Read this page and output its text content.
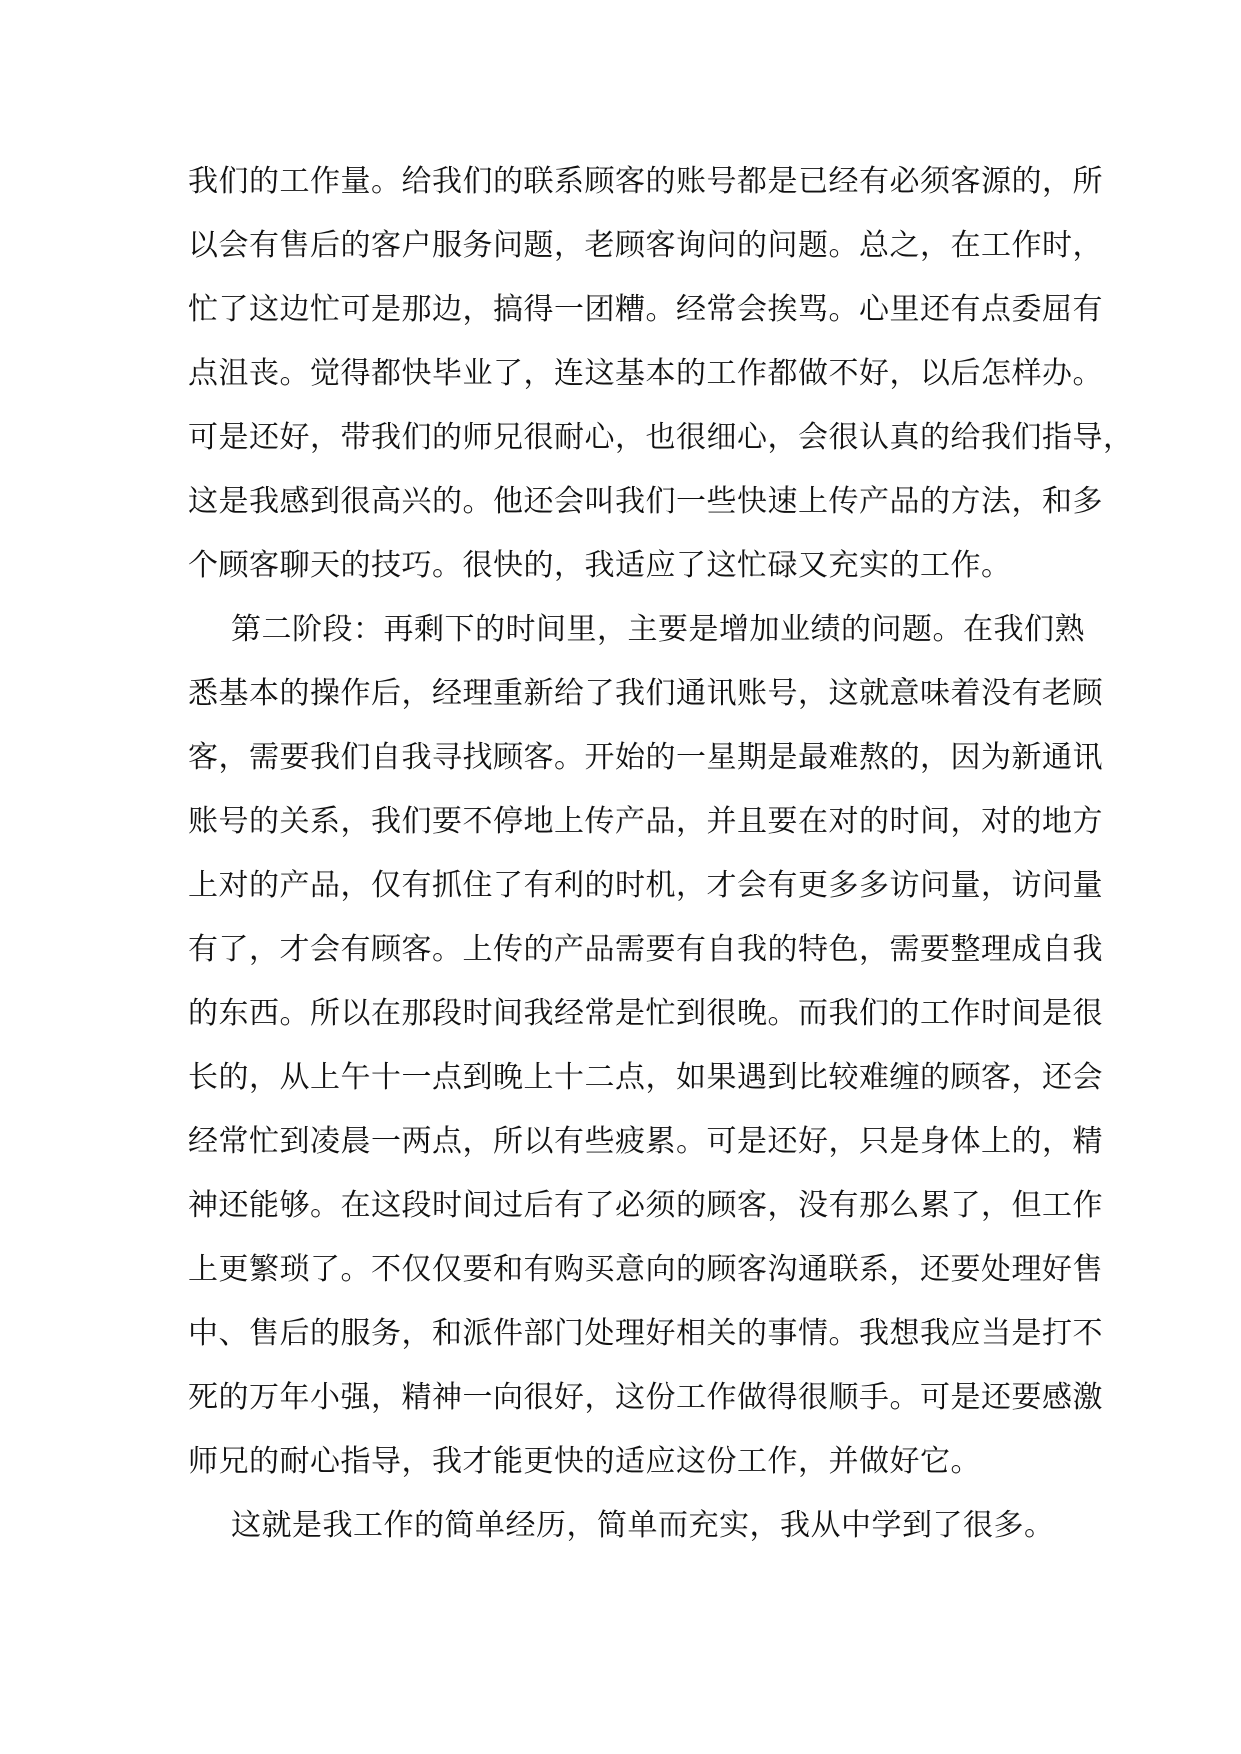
我们的工作量。给我们的联系顾客的账号都是已经有必须客源的，所
以会有售后的客户服务问题，老顾客询问的问题。总之，在工作时，
忙了这边忙可是那边，搞得一团糟。经常会挨骂。心里还有点委屈有
点沮丧。觉得都快毕业了，连这基本的工作都做不好，以后怎样办。
可是还好，带我们的师兄很耐心，也很细心，会很认真的给我们指导，
这是我感到很高兴的。他还会叫我们一些快速上传产品的方法，和多
个顾客聊天的技巧。很快的，我适应了这忙碌又充实的工作。
第二阶段：再剩下的时间里，主要是增加业绩的问题。在我们熟
悉基本的操作后，经理重新给了我们通讯账号，这就意味着没有老顾
客，需要我们自我寻找顾客。开始的一星期是最难熬的，因为新通讯
账号的关系，我们要不停地上传产品，并且要在对的时间，对的地方
上对的产品，仅有抓住了有利的时机，才会有更多多访问量，访问量
有了，才会有顾客。上传的产品需要有自我的特色，需要整理成自我
的东西。所以在那段时间我经常是忙到很晚。而我们的工作时间是很
长的，从上午十一点到晚上十二点，如果遇到比较难缠的顾客，还会
经常忙到凌晨一两点，所以有些疲累。可是还好，只是身体上的，精
神还能够。在这段时间过后有了必须的顾客，没有那么累了，但工作
上更繁琐了。不仅仅要和有购买意向的顾客沟通联系，还要处理好售
中、售后的服务，和派件部门处理好相关的事情。我想我应当是打不
死的万年小强，精神一向很好，这份工作做得很顺手。可是还要感激
师兄的耐心指导，我才能更快的适应这份工作，并做好它。
这就是我工作的简单经历，简单而充实，我从中学到了很多。
